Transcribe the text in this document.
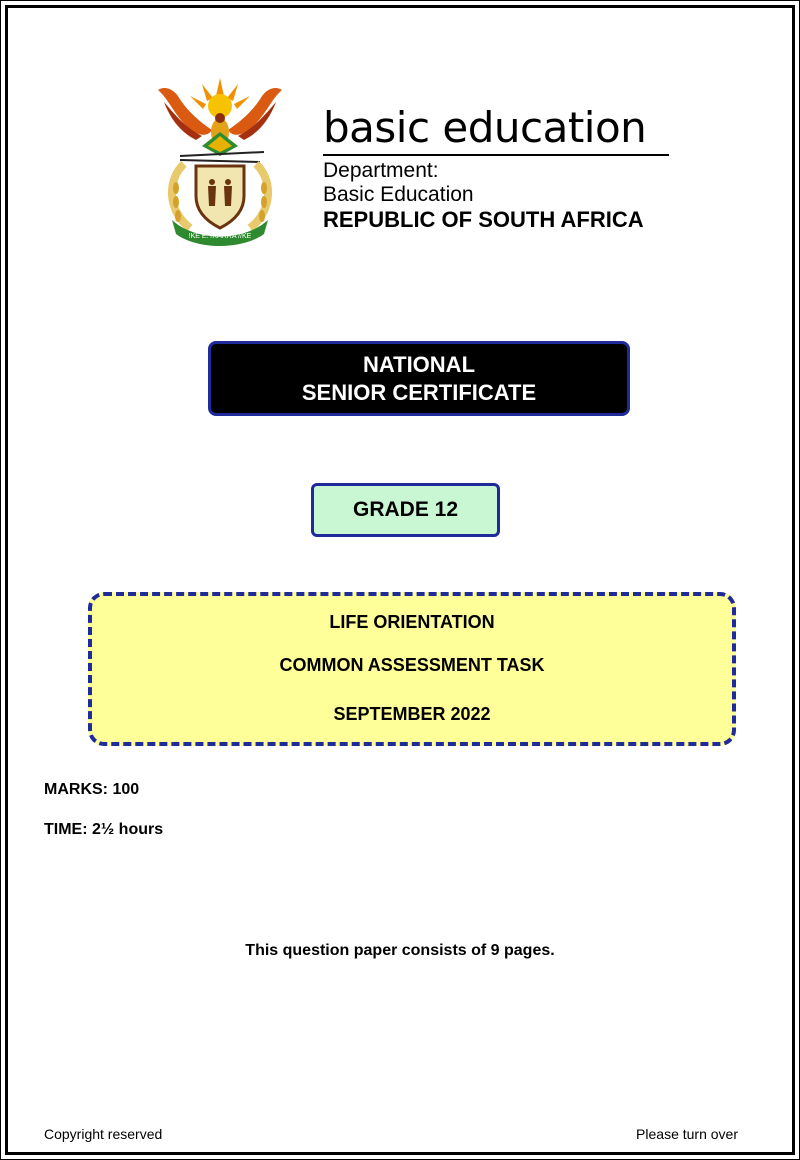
!KE E: /XARRA //KE
basic education
Department:
Basic Education
REPUBLIC OF SOUTH AFRICA
NATIONAL
SENIOR CERTIFICATE
GRADE 12
LIFE ORIENTATION
COMMON ASSESSMENT TASK
SEPTEMBER 2022
MARKS: 100
TIME: 2½ hours
This question paper consists of 9 pages.
Copyright reserved	Please turn over
